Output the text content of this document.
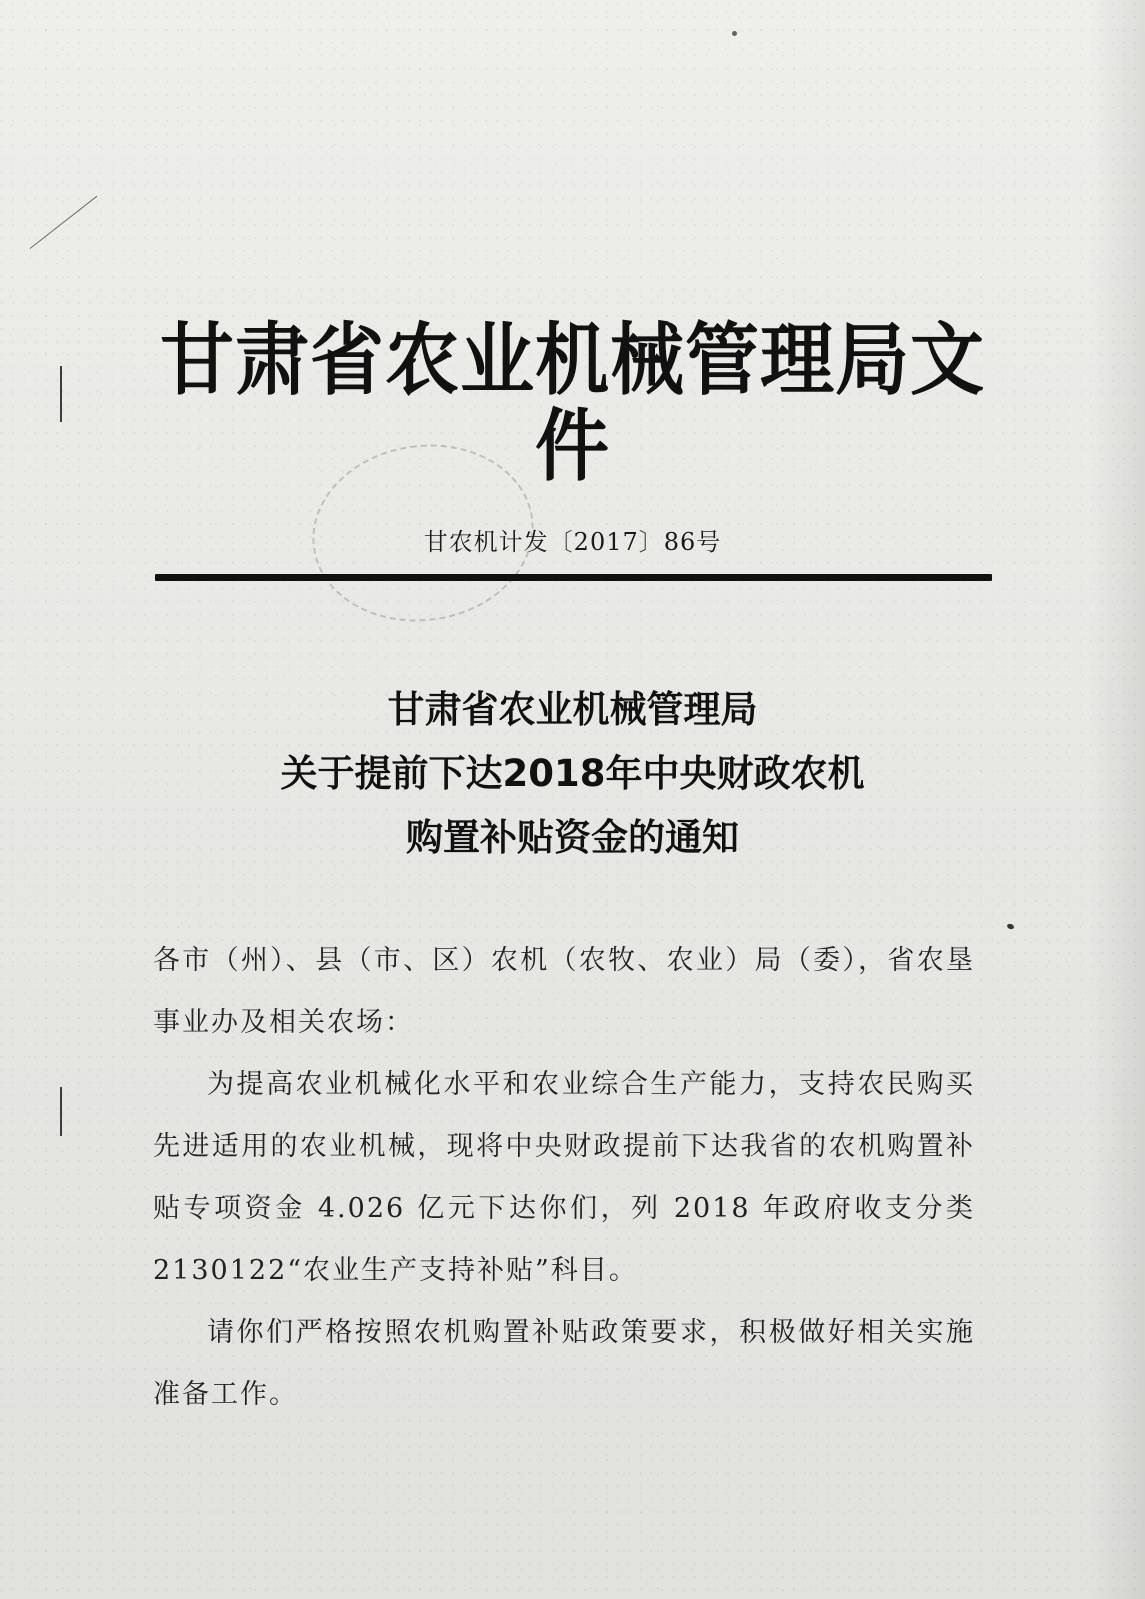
甘肃省农业机械管理局文件
甘农机计发〔2017〕86号
甘肃省农业机械管理局
关于提前下达2018年中央财政农机
购置补贴资金的通知

各市（州）、县（市、区）农机（农牧、农业）局（委），省农垦事业办及相关农场：

为提高农业机械化水平和农业综合生产能力，支持农民购买先进适用的农业机械，现将中央财政提前下达我省的农机购置补贴专项资金 4.026 亿元下达你们，列 2018 年政府收支分类 2130122“农业生产支持补贴”科目。

请你们严格按照农机购置补贴政策要求，积极做好相关实施准备工作。
